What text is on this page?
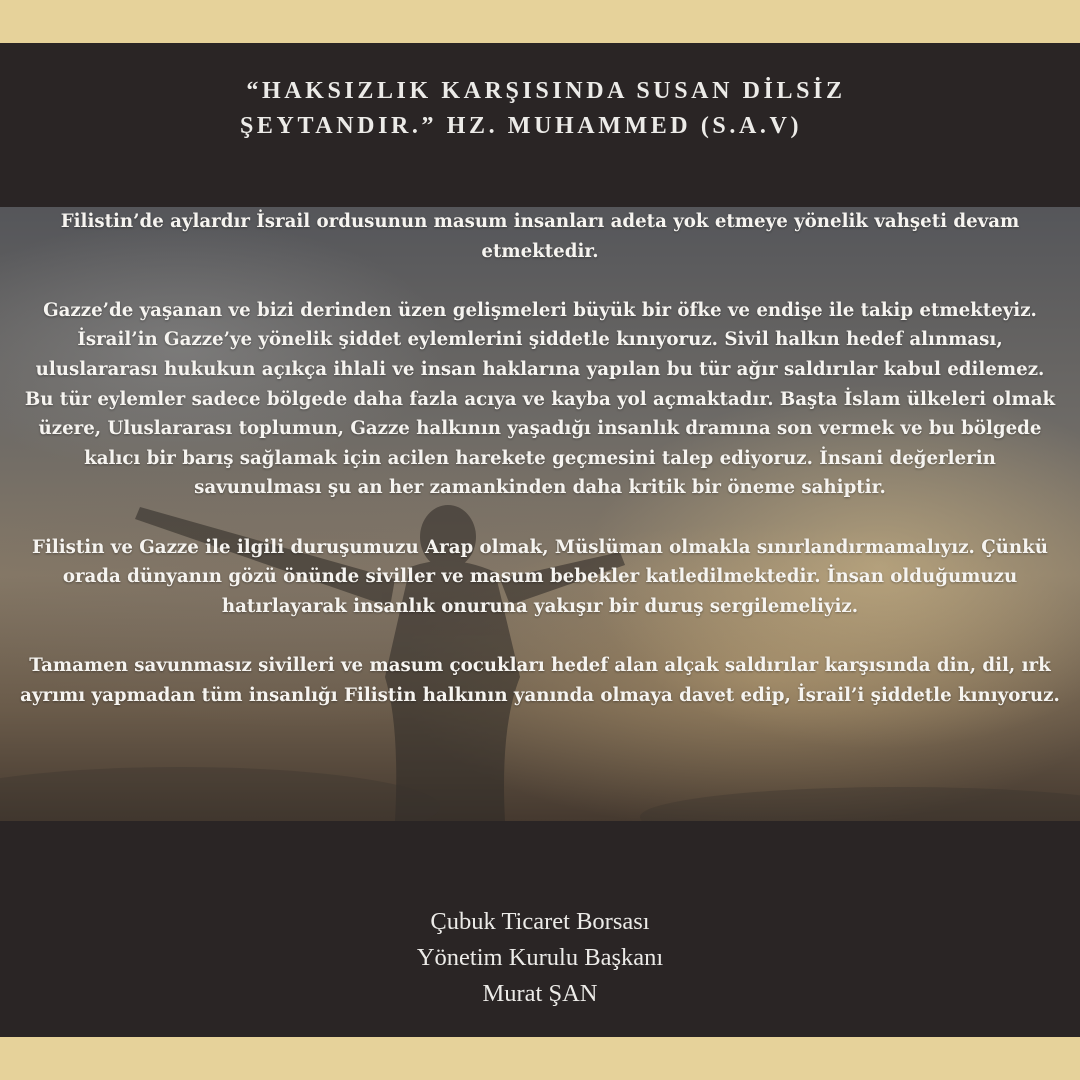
“HAKSIZLIK KARŞISINDA SUSAN DİLSİZ
ŞEYTANDIR.” HZ. MUHAMMED (S.A.V)

Filistin’de aylardır İsrail ordusunun masum insanları adeta yok etmeye yönelik vahşeti devam etmektedir.

Gazze’de yaşanan ve bizi derinden üzen gelişmeleri büyük bir öfke ve endişe ile takip etmekteyiz. İsrail’in Gazze’ye yönelik şiddet eylemlerini şiddetle kınıyoruz. Sivil halkın hedef alınması, uluslararası hukukun açıkça ihlali ve insan haklarına yapılan bu tür ağır saldırılar kabul edilemez. Bu tür eylemler sadece bölgede daha fazla acıya ve kayba yol açmaktadır. Başta İslam ülkeleri olmak üzere, Uluslararası toplumun, Gazze halkının yaşadığı insanlık dramına son vermek ve bu bölgede kalıcı bir barış sağlamak için acilen harekete geçmesini talep ediyoruz. İnsani değerlerin savunulması şu an her zamankinden daha kritik bir öneme sahiptir.

Filistin ve Gazze ile ilgili duruşumuzu Arap olmak, Müslüman olmakla sınırlandırmamalıyız. Çünkü orada dünyanın gözü önünde siviller ve masum bebekler katledilmektedir. İnsan olduğumuzu hatırlayarak insanlık onuruna yakışır bir duruş sergilemeliyiz.

Tamamen savunmasız sivilleri ve masum çocukları hedef alan alçak saldırılar karşısında din, dil, ırk ayrımı yapmadan tüm insanlığı Filistin halkının yanında olmaya davet edip, İsrail’i şiddetle kınıyoruz.

Çubuk Ticaret Borsası
Yönetim Kurulu Başkanı
Murat ŞAN
